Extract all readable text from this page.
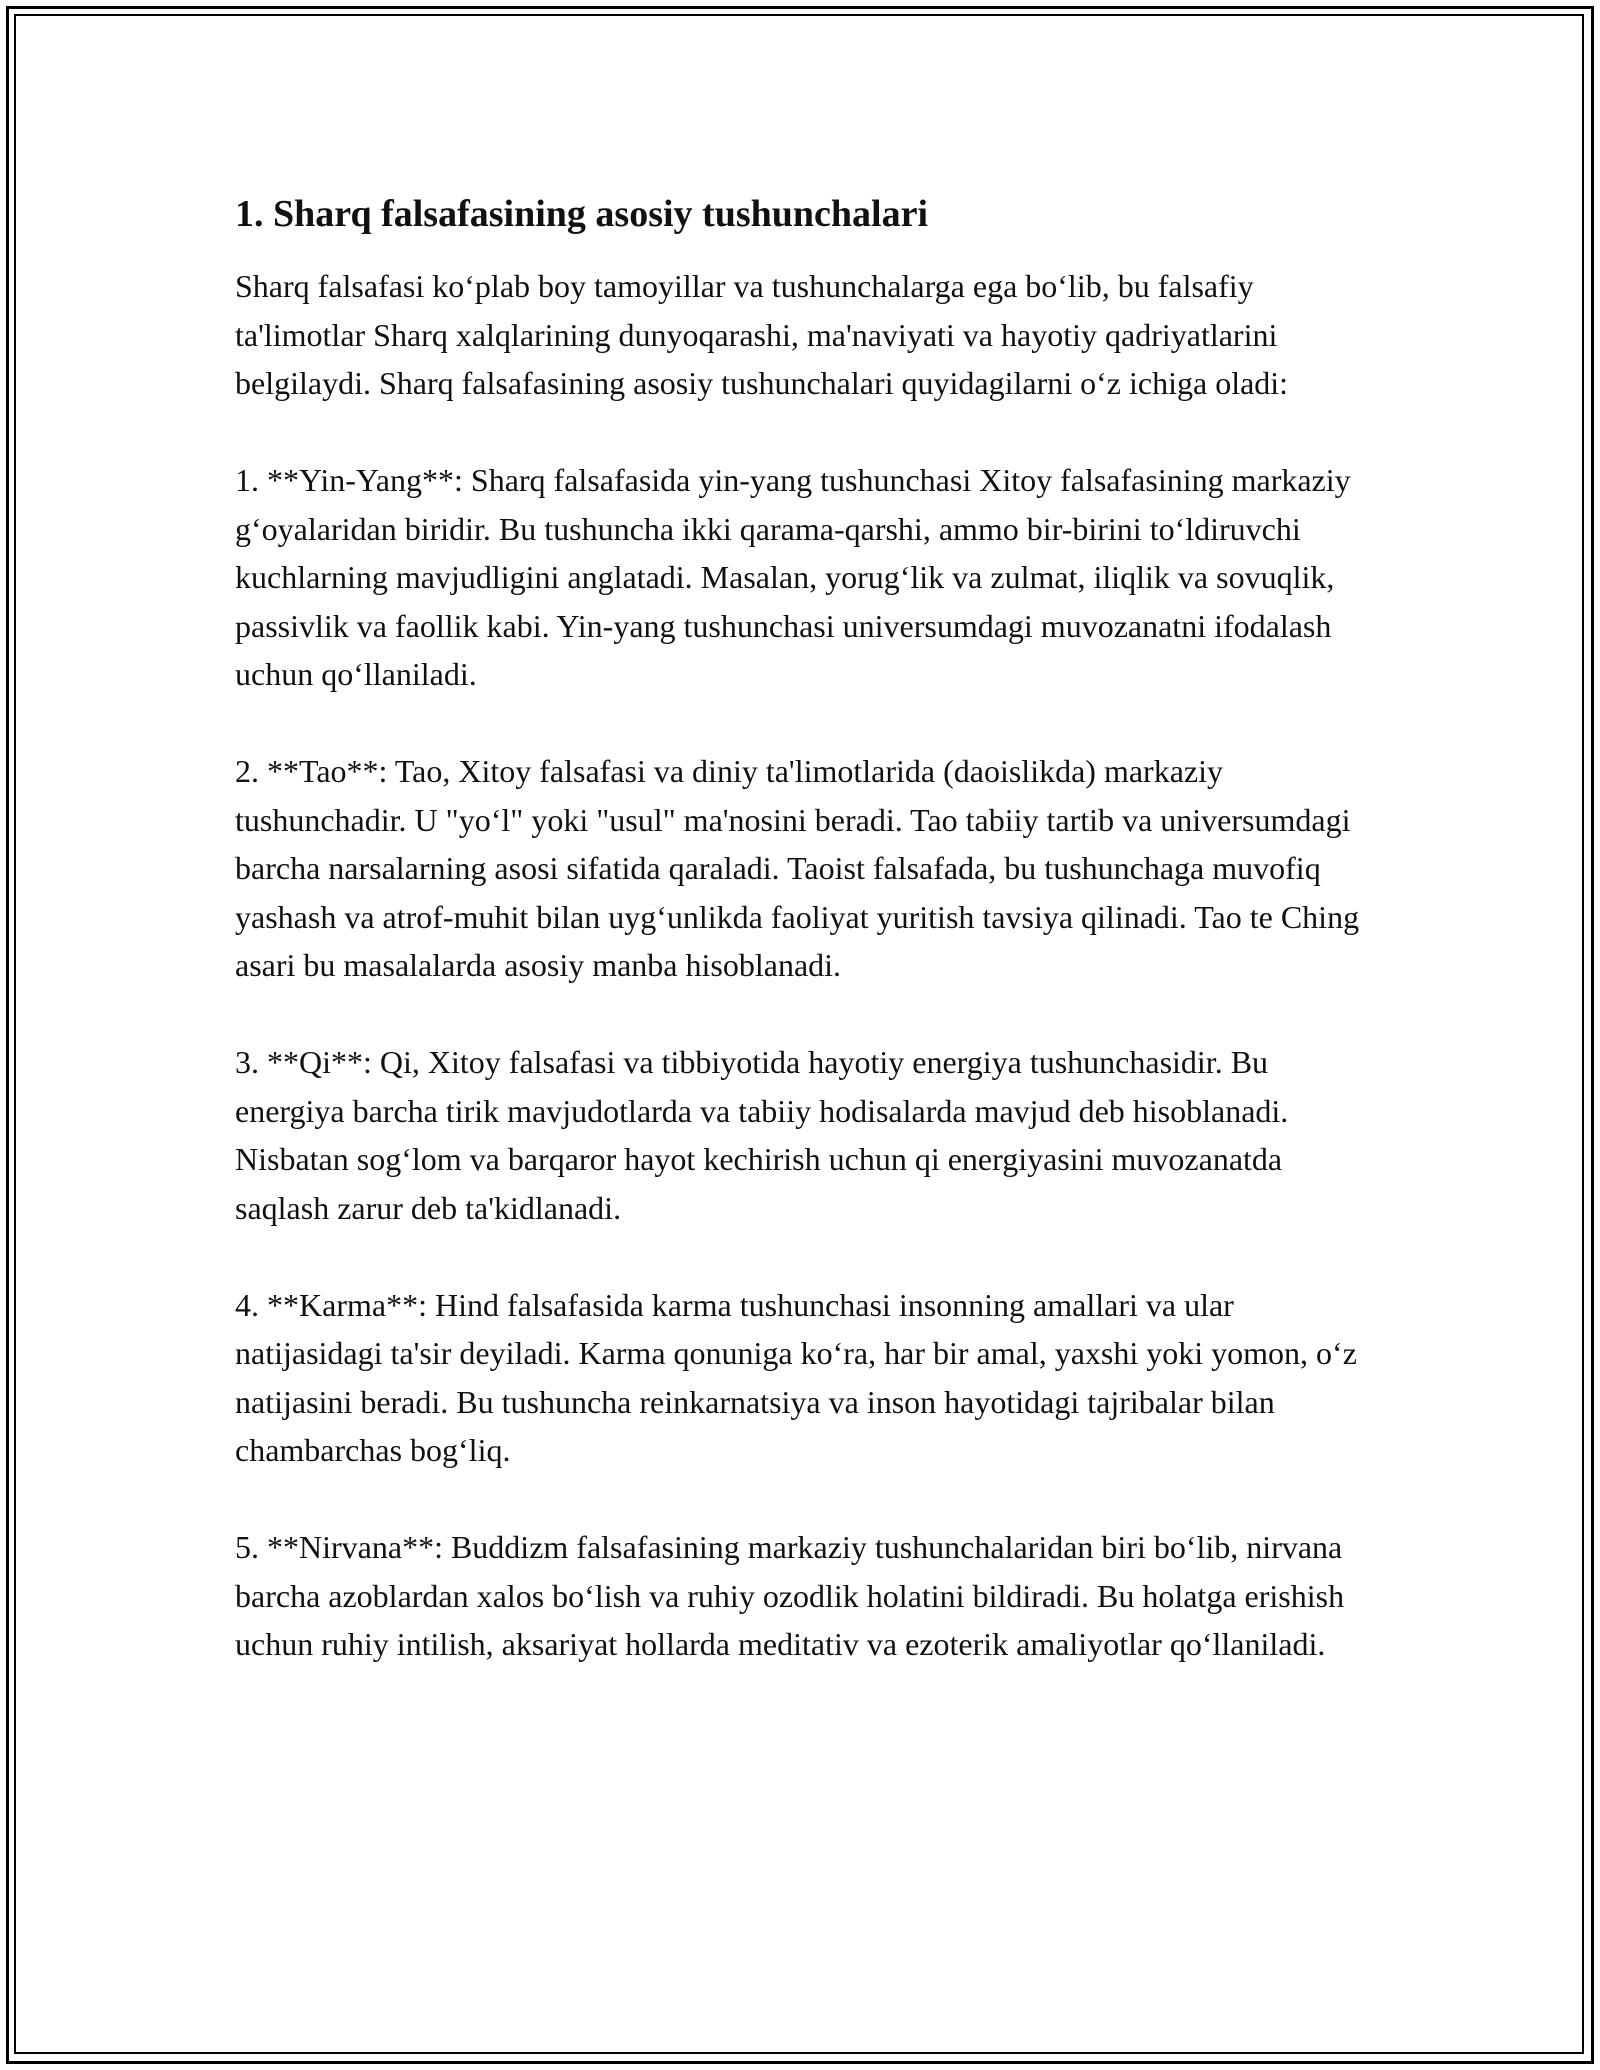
1. Sharq falsafasining asosiy tushunchalari

Sharq falsafasi ko‘plab boy tamoyillar va tushunchalarga ega bo‘lib, bu falsafiy ta'limotlar Sharq xalqlarining dunyoqarashi, ma'naviyati va hayotiy qadriyatlarini belgilaydi. Sharq falsafasining asosiy tushunchalari quyidagilarni o‘z ichiga oladi:

1. **Yin-Yang**: Sharq falsafasida yin-yang tushunchasi Xitoy falsafasining markaziy g‘oyalaridan biridir. Bu tushuncha ikki qarama-qarshi, ammo bir-birini to‘ldiruvchi kuchlarning mavjudligini anglatadi. Masalan, yorug‘lik va zulmat, iliqlik va sovuqlik, passivlik va faollik kabi. Yin-yang tushunchasi universumdagi muvozanatni ifodalash uchun qo‘llaniladi.

2. **Tao**: Tao, Xitoy falsafasi va diniy ta'limotlarida (daoislikda) markaziy tushunchadir. U "yo‘l" yoki "usul" ma'nosini beradi. Tao tabiiy tartib va universumdagi barcha narsalarning asosi sifatida qaraladi. Taoist falsafada, bu tushunchaga muvofiq yashash va atrof-muhit bilan uyg‘unlikda faoliyat yuritish tavsiya qilinadi. Tao te Ching asari bu masalalarda asosiy manba hisoblanadi.

3. **Qi**: Qi, Xitoy falsafasi va tibbiyotida hayotiy energiya tushunchasidir. Bu energiya barcha tirik mavjudotlarda va tabiiy hodisalarda mavjud deb hisoblanadi. Nisbatan sog‘lom va barqaror hayot kechirish uchun qi energiyasini muvozanatda saqlash zarur deb ta'kidlanadi.

4. **Karma**: Hind falsafasida karma tushunchasi insonning amallari va ular natijasidagi ta'sir deyiladi. Karma qonuniga ko‘ra, har bir amal, yaxshi yoki yomon, o‘z natijasini beradi. Bu tushuncha reinkarnatsiya va inson hayotidagi tajribalar bilan chambarchas bog‘liq.

5. **Nirvana**: Buddizm falsafasining markaziy tushunchalaridan biri bo‘lib, nirvana barcha azoblardan xalos bo‘lish va ruhiy ozodlik holatini bildiradi. Bu holatga erishish uchun ruhiy intilish, aksariyat hollarda meditativ va ezoterik amaliyotlar qo‘llaniladi.
